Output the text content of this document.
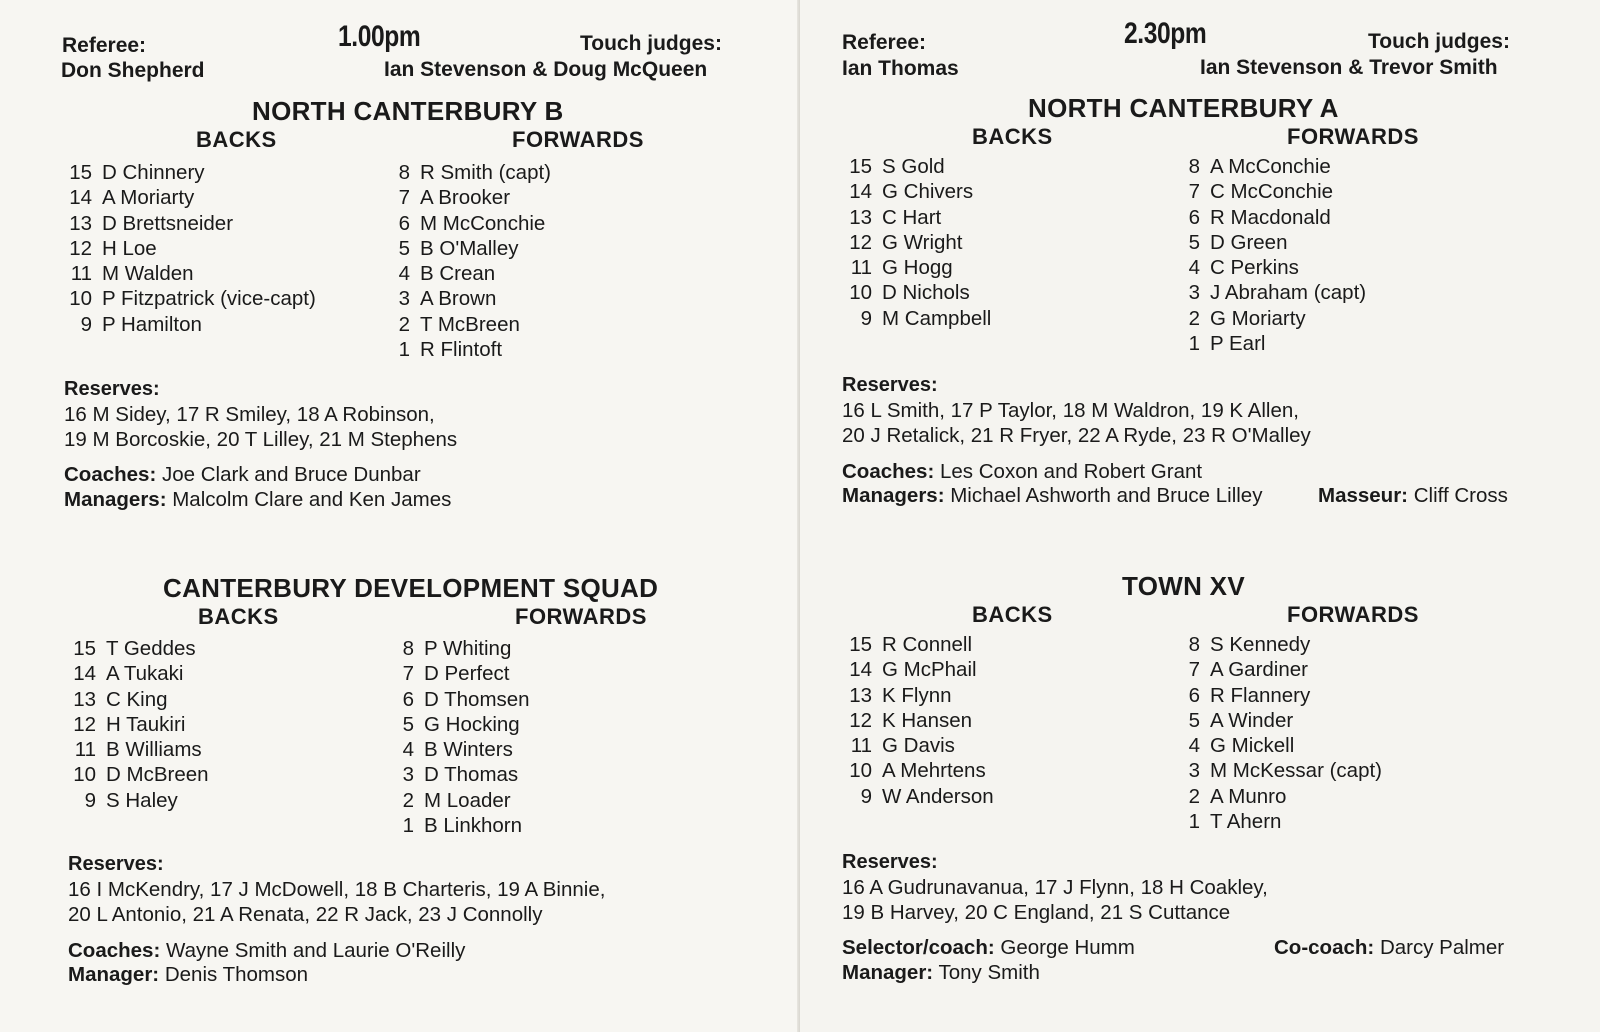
Referee:
Don Shepherd
1.00pm	Touch judges:
Ian Stevenson & Doug McQueen
NORTH CANTERBURY B
BACKS	FORWARDS
15 D Chinnery
14 A Moriarty
13 D Brettsneider
12 H Loe
11 M Walden
10 P Fitzpatrick (vice-capt)
9 P Hamilton
8 R Smith (capt)
7 A Brooker
6 M McConchie
5 B O'Malley
4 B Crean
3 A Brown
2 T McBreen
1 R Flintoft
Reserves:
16 M Sidey, 17 R Smiley, 18 A Robinson,
19 M Borcoskie, 20 T Lilley, 21 M Stephens
Coaches: Joe Clark and Bruce Dunbar
Managers: Malcolm Clare and Ken James
CANTERBURY DEVELOPMENT SQUAD
BACKS	FORWARDS
15 T Geddes
14 A Tukaki
13 C King
12 H Taukiri
11 B Williams
10 D McBreen
9 S Haley
8 P Whiting
7 D Perfect
6 D Thomsen
5 G Hocking
4 B Winters
3 D Thomas
2 M Loader
1 B Linkhorn
Reserves:
16 I McKendry, 17 J McDowell, 18 B Charteris, 19 A Binnie,
20 L Antonio, 21 A Renata, 22 R Jack, 23 J Connolly
Coaches: Wayne Smith and Laurie O'Reilly
Manager: Denis Thomson
Referee:
Ian Thomas
2.30pm	Touch judges:
Ian Stevenson & Trevor Smith
NORTH CANTERBURY A
BACKS	FORWARDS
15 S Gold
14 G Chivers
13 C Hart
12 G Wright
11 G Hogg
10 D Nichols
9 M Campbell
8 A McConchie
7 C McConchie
6 R Macdonald
5 D Green
4 C Perkins
3 J Abraham (capt)
2 G Moriarty
1 P Earl
Reserves:
16 L Smith, 17 P Taylor, 18 M Waldron, 19 K Allen,
20 J Retalick, 21 R Fryer, 22 A Ryde, 23 R O'Malley
Coaches: Les Coxon and Robert Grant
Managers: Michael Ashworth and Bruce Lilley	Masseur: Cliff Cross
TOWN XV
BACKS	FORWARDS
15 R Connell
14 G McPhail
13 K Flynn
12 K Hansen
11 G Davis
10 A Mehrtens
9 W Anderson
8 S Kennedy
7 A Gardiner
6 R Flannery
5 A Winder
4 G Mickell
3 M McKessar (capt)
2 A Munro
1 T Ahern
Reserves:
16 A Gudrunavanua, 17 J Flynn, 18 H Coakley,
19 B Harvey, 20 C England, 21 S Cuttance
Selector/coach: George Humm	Co-coach: Darcy Palmer
Manager: Tony Smith
